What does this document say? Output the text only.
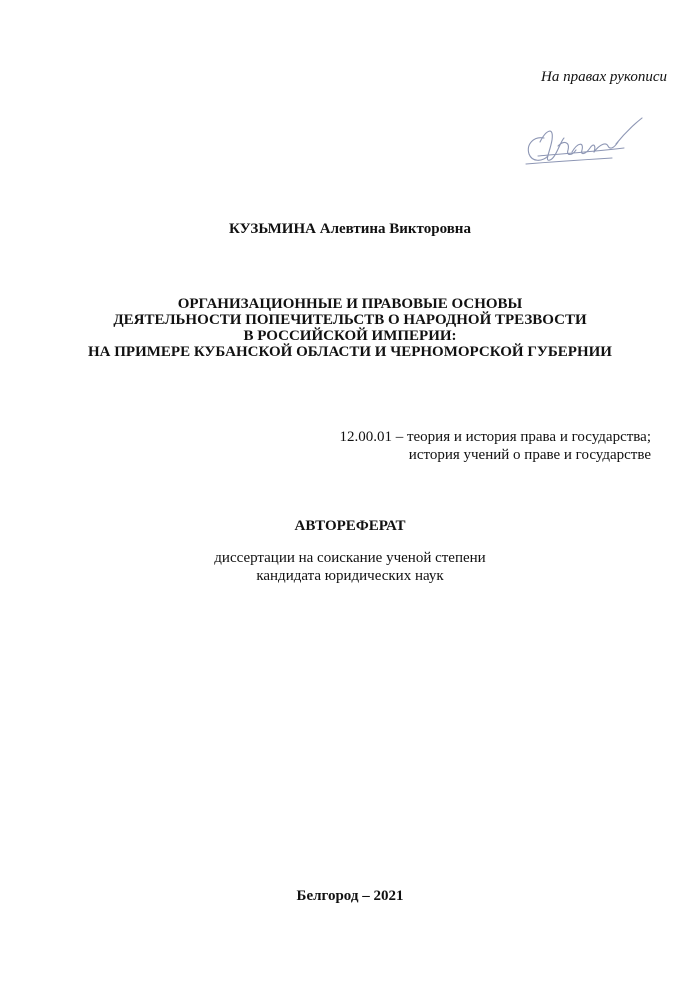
На правах рукописи
КУЗЬМИНА Алевтина Викторовна
ОРГАНИЗАЦИОННЫЕ И ПРАВОВЫЕ ОСНОВЫ
ДЕЯТЕЛЬНОСТИ ПОПЕЧИТЕЛЬСТВ О НАРОДНОЙ ТРЕЗВОСТИ
В РОССИЙСКОЙ ИМПЕРИИ:
НА ПРИМЕРЕ КУБАНСКОЙ ОБЛАСТИ И ЧЕРНОМОРСКОЙ ГУБЕРНИИ
12.00.01 – теория и история права и государства;
история учений о праве и государстве
АВТОРЕФЕРАТ
диссертации на соискание ученой степени
кандидата юридических наук
Белгород – 2021
